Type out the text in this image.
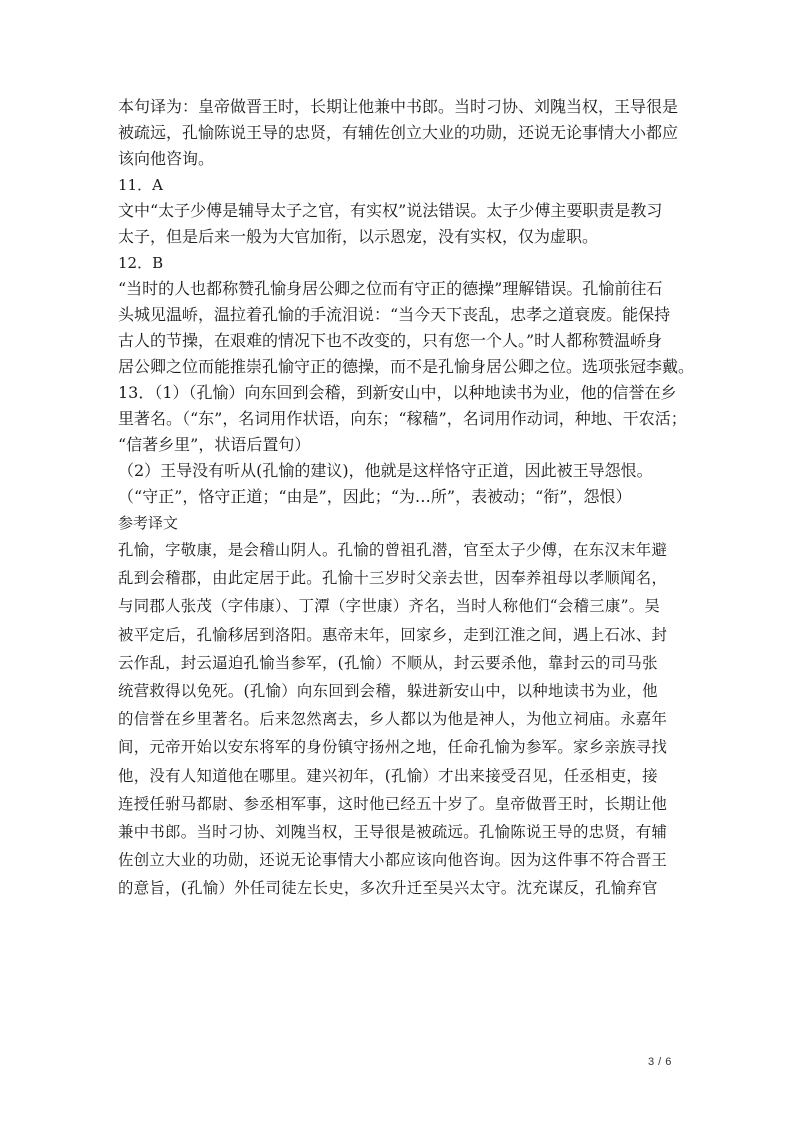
本句译为：皇帝做晋王时，长期让他兼中书郎。当时刁协、刘隗当权，王导很是
被疏远，孔愉陈说王导的忠贤，有辅佐创立大业的功勋，还说无论事情大小都应
该向他咨询。
11．A
文中“太子少傅是辅导太子之官，有实权”说法错误。太子少傅主要职责是教习
太子，但是后来一般为大官加衔，以示恩宠，没有实权，仅为虚职。
12．B
“当时的人也都称赞孔愉身居公卿之位而有守正的德操”理解错误。孔愉前往石
头城见温峤，温拉着孔愉的手流泪说：“当今天下丧乱，忠孝之道衰废。能保持
古人的节操，在艰难的情况下也不改变的，只有您一个人。”时人都称赞温峤身
居公卿之位而能推崇孔愉守正的德操，而不是孔愉身居公卿之位。选项张冠李戴。
13．（1）（孔愉）向东回到会稽，到新安山中，以种地读书为业，他的信誉在乡
里著名。（“东”，名词用作状语，向东；“稼穑”，名词用作动词，种地、干农活；
“信著乡里”，状语后置句）
（2）王导没有听从(孔愉的建议)，他就是这样恪守正道，因此被王导怨恨。
（“守正”，恪守正道；“由是”，因此；“为…所”，表被动；“衔”，怨恨）
参考译文
孔愉，字敬康，是会稽山阴人。孔愉的曾祖孔潜，官至太子少傅，在东汉末年避
乱到会稽郡，由此定居于此。孔愉十三岁时父亲去世，因奉养祖母以孝顺闻名，
与同郡人张茂（字伟康）、丁潭（字世康）齐名，当时人称他们“会稽三康”。吴
被平定后，孔愉移居到洛阳。惠帝末年，回家乡，走到江淮之间，遇上石冰、封
云作乱，封云逼迫孔愉当参军，(孔愉）不顺从，封云要杀他，靠封云的司马张
统营救得以免死。(孔愉）向东回到会稽，躲进新安山中，以种地读书为业，他
的信誉在乡里著名。后来忽然离去，乡人都以为他是神人，为他立祠庙。永嘉年
间，元帝开始以安东将军的身份镇守扬州之地，任命孔愉为参军。家乡亲族寻找
他，没有人知道他在哪里。建兴初年，(孔愉）才出来接受召见，任丞相吏，接
连授任驸马都尉、参丞相军事，这时他已经五十岁了。皇帝做晋王时，长期让他
兼中书郎。当时刁协、刘隗当权，王导很是被疏远。孔愉陈说王导的忠贤，有辅
佐创立大业的功勋，还说无论事情大小都应该向他咨询。因为这件事不符合晋王
的意旨，(孔愉）外任司徒左长史，多次升迁至吴兴太守。沈充谋反，孔愉弃官
3 / 6
